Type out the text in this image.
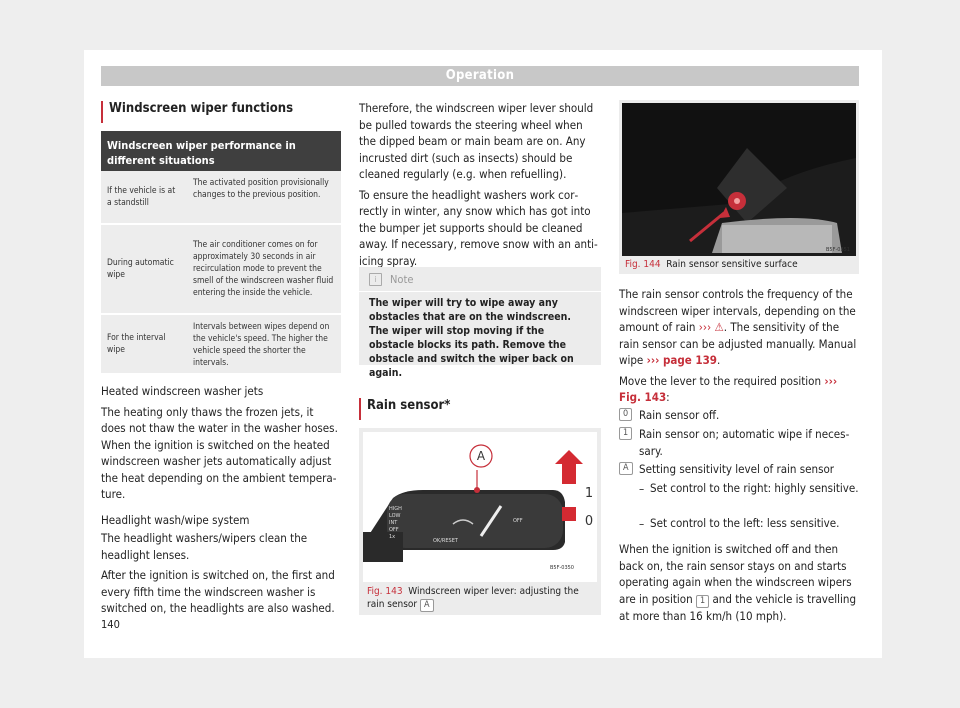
Operation
Windscreen wiper functions
Windscreen wiper performance in different situations
If the vehicle is at a standstill
The activated position provisionally changes to the previous position.
During automatic wipe
The air conditioner comes on for approximately 30 seconds in air recirculation mode to prevent the smell of the windscreen washer fluid entering the inside the vehicle.
For the interval wipe
Intervals between wipes depend on the vehicle's speed. The higher the vehicle speed the shorter the intervals.

Heated windscreen washer jets

The heating only thaws the frozen jets, it does not thaw the water in the washer hoses. When the ignition is switched on the heated windscreen washer jets automatically adjust the heat depending on the ambient temperature.

Headlight wash/wipe system

The headlight washers/wipers clean the headlight lenses.

After the ignition is switched on, the first and every fifth time the windscreen washer is switched on, the headlights are also washed.

Therefore, the windscreen wiper lever should be pulled towards the steering wheel when the dipped beam or main beam are on. Any incrusted dirt (such as insects) should be cleaned regularly (e.g. when refuelling).

To ensure the headlight washers work correctly in winter, any snow which has got into the bumper jet supports should be cleaned away. If necessary, remove snow with an anti-icing spray.

i	Note
The wiper will try to wipe away any obstacles that are on the windscreen. The wiper will stop moving if the obstacle blocks its path. Remove the obstacle and switch the wiper back on again.
Rain sensor*
A
1
0
HIGH
LOW
INT
OFF
1x
OK/RESET
OFF
B5F-0350
Fig. 143 Windscreen wiper lever: adjusting the rain sensor A
B5F-0351
Fig. 144 Rain sensor sensitive surface

The rain sensor controls the frequency of the windscreen wiper intervals, depending on the amount of rain ››› ⚠. The sensitivity of the rain sensor can be adjusted manually. Manual wipe ››› page 139.

Move the lever to the required position ››› Fig. 143:

0 Rain sensor off.
1 Rain sensor on; automatic wipe if necessary.
A Setting sensitivity level of rain sensor
– Set control to the right: highly sensitive.
– Set control to the left: less sensitive.
When the ignition is switched off and then back on, the rain sensor stays on and starts operating again when the windscreen wipers are in position 1 and the vehicle is travelling at more than 16 km/h (10 mph).
140
